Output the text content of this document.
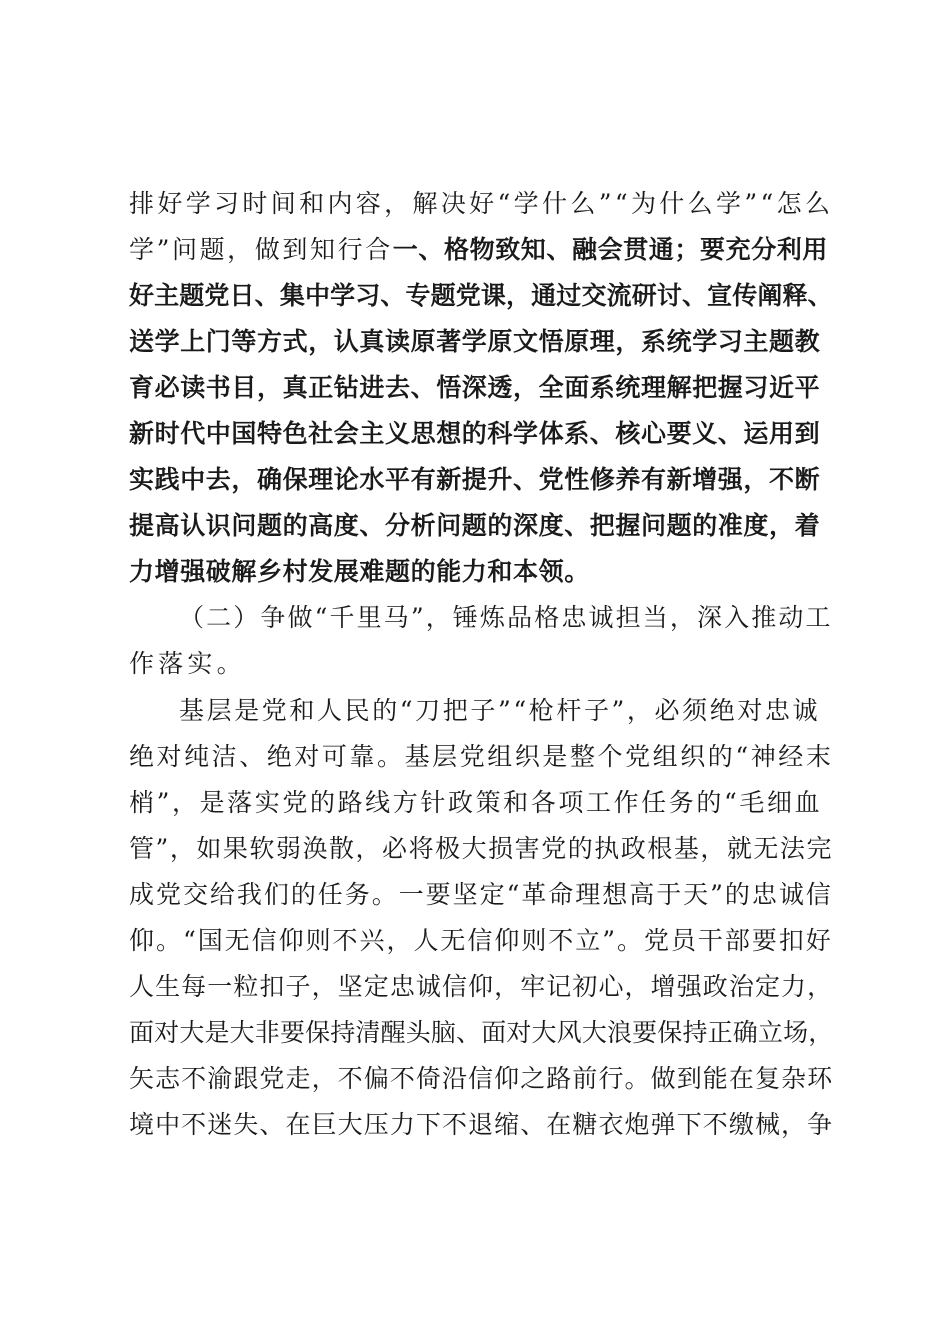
排好学习时间和内容，解决好“学什么”“为什么学”“怎么
学”问题，做到知行合一、格物致知、融会贯通；要充分利用
好主题党日、集中学习、专题党课，通过交流研讨、宣传阐释、
送学上门等方式，认真读原著学原文悟原理，系统学习主题教
育必读书目，真正钻进去、悟深透，全面系统理解把握习近平
新时代中国特色社会主义思想的科学体系、核心要义、运用到
实践中去，确保理论水平有新提升、党性修养有新增强，不断
提高认识问题的高度、分析问题的深度、把握问题的准度，着
力增强破解乡村发展难题的能力和本领。
（二）争做“千里马”，锤炼品格忠诚担当，深入推动工
作落实。
基层是党和人民的“刀把子”“枪杆子”，必须绝对忠诚
绝对纯洁、绝对可靠。基层党组织是整个党组织的“神经末
梢”，是落实党的路线方针政策和各项工作任务的“毛细血
管”，如果软弱涣散，必将极大损害党的执政根基，就无法完
成党交给我们的任务。一要坚定“革命理想高于天”的忠诚信
仰。“国无信仰则不兴，人无信仰则不立”。党员干部要扣好
人生每一粒扣子，坚定忠诚信仰，牢记初心，增强政治定力，
面对大是大非要保持清醒头脑、面对大风大浪要保持正确立场，
矢志不渝跟党走，不偏不倚沿信仰之路前行。做到能在复杂环
境中不迷失、在巨大压力下不退缩、在糖衣炮弹下不缴械，争
